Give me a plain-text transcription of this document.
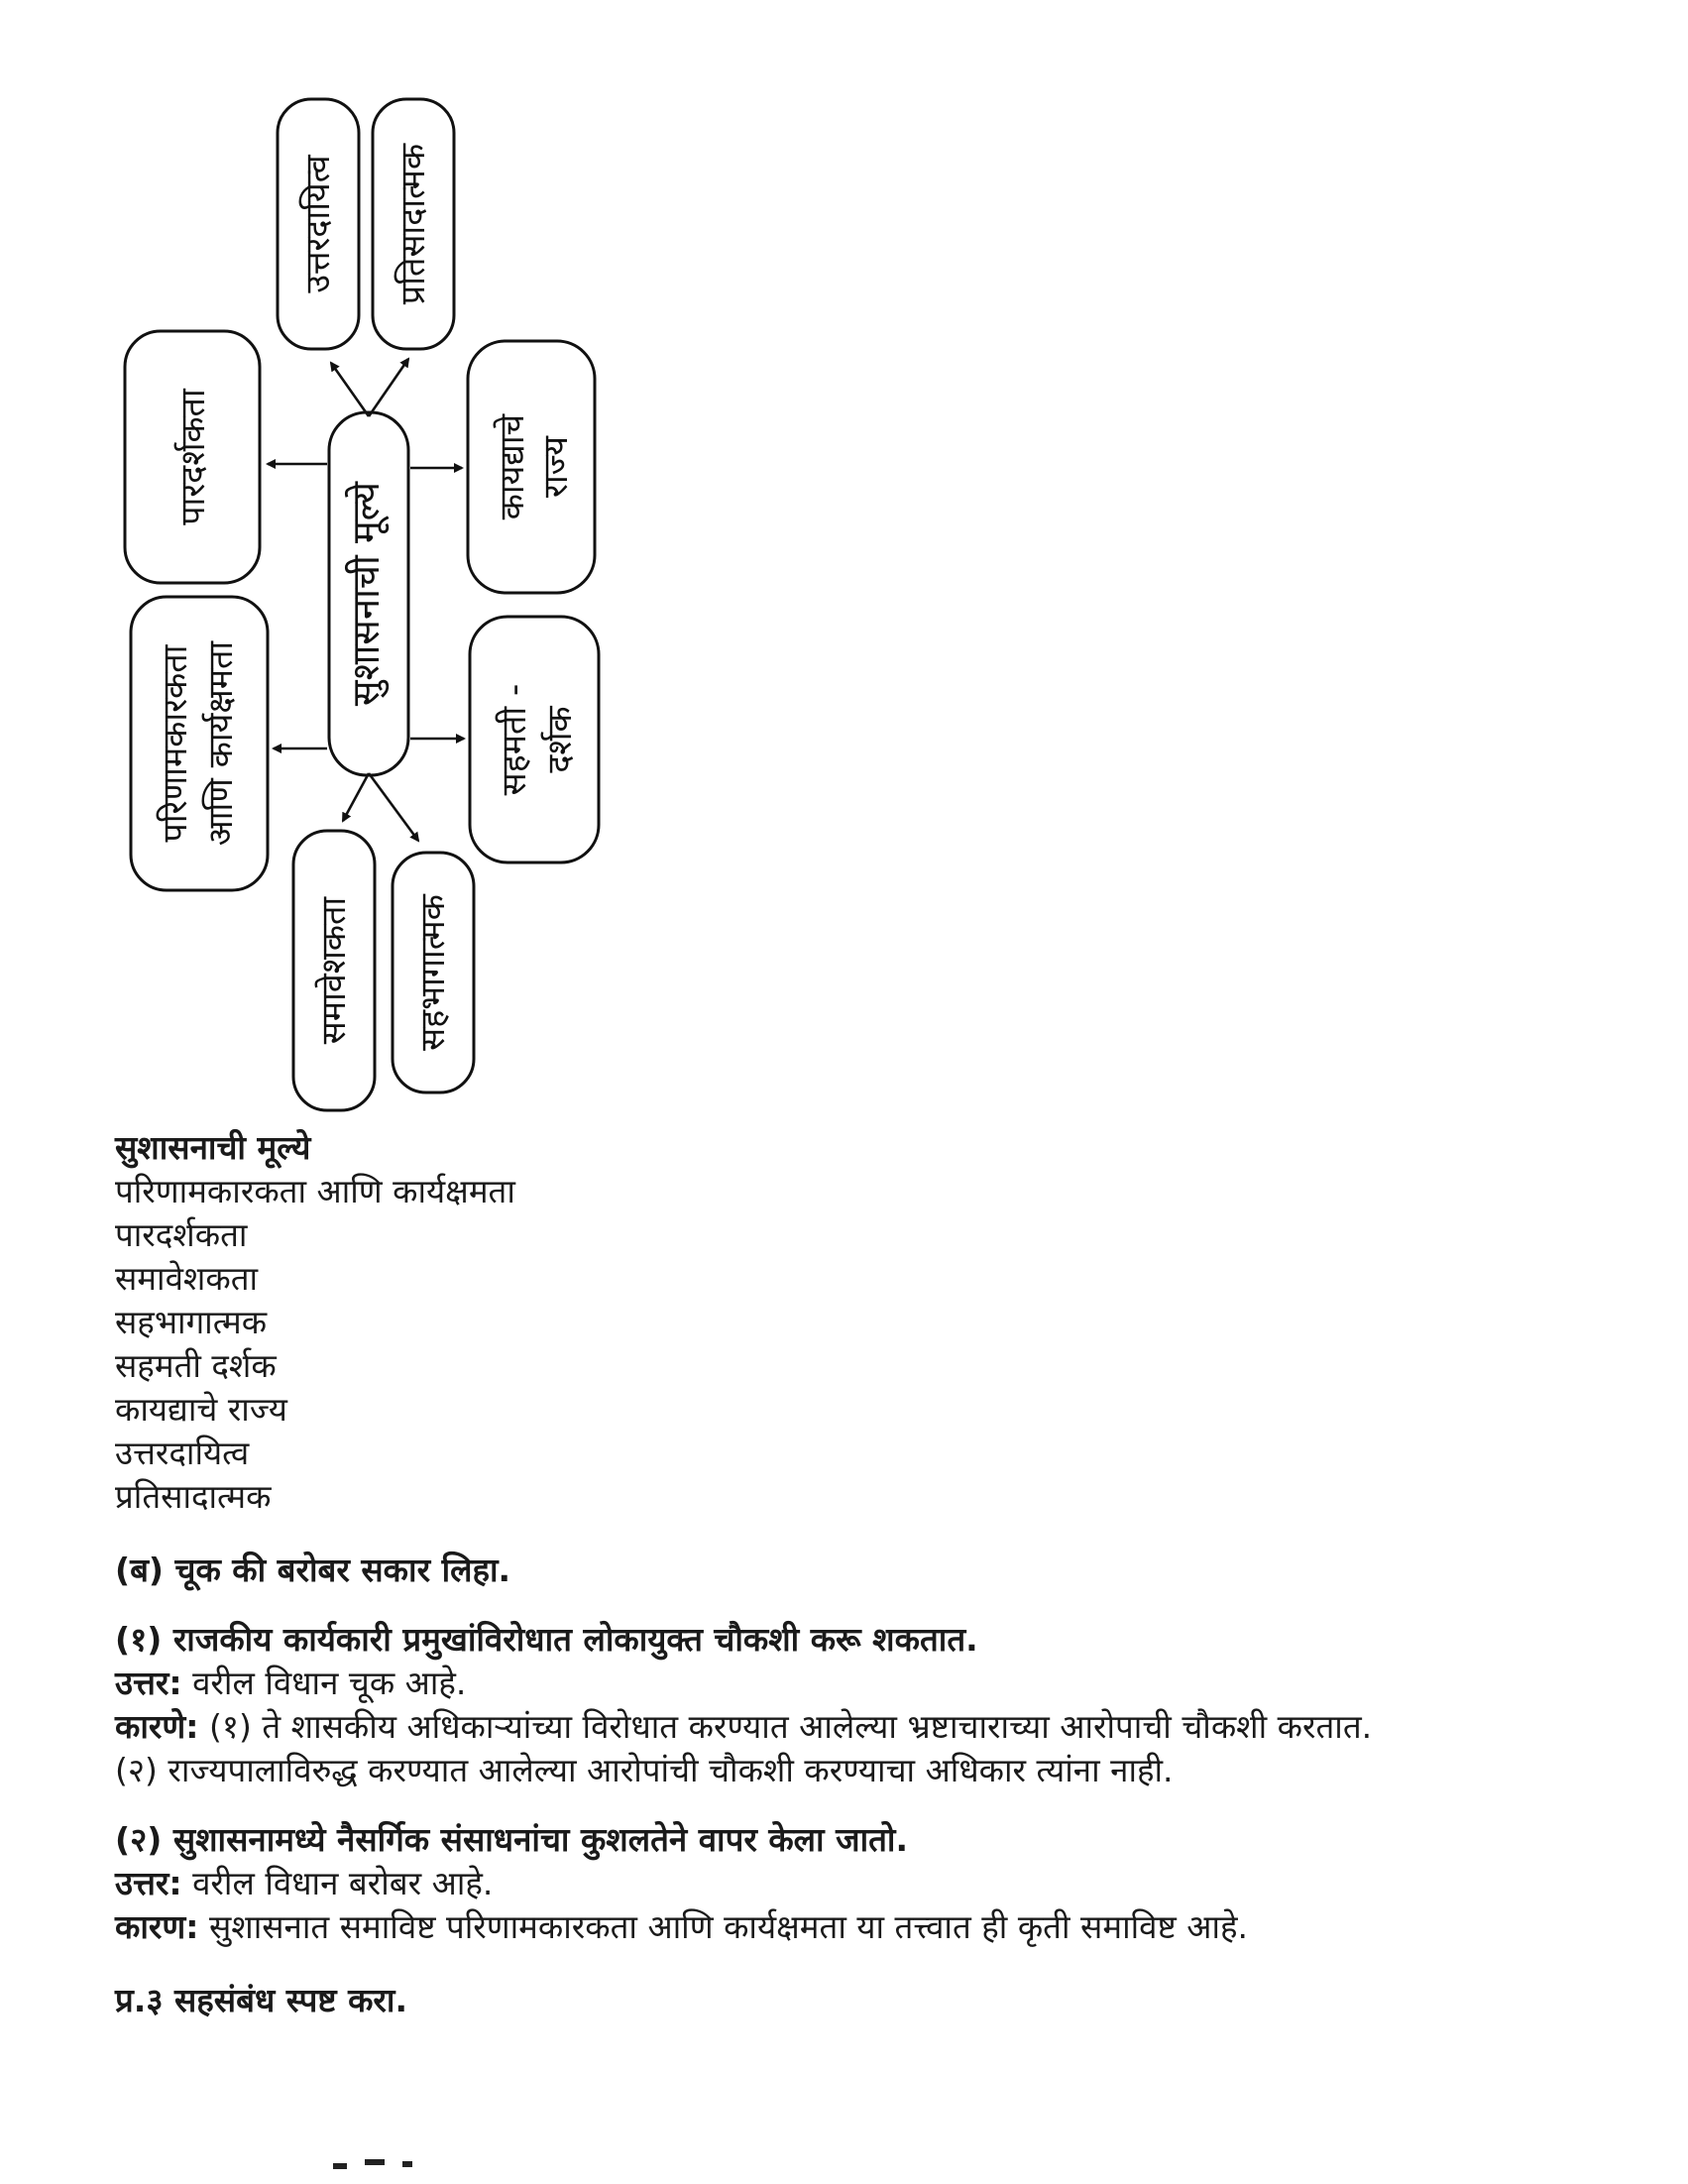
सुशासनाची मूल्ये
उत्तरदायित्व प्रतिसादात्मक
पारदर्शकता	कायद्याचे राज्य
परिणामकारकता आणि कार्यक्षमता	सहमती - दर्शक
समावेशकता सहभागात्मक
सुशासनाची मूल्ये
परिणामकारकता आणि कार्यक्षमता
पारदर्शकता
समावेशकता
सहभागात्मक
सहमती दर्शक
कायद्याचे राज्य
उत्तरदायित्व
प्रतिसादात्मक
(ब) चूक की बरोबर सकार लिहा.
(१) राजकीय कार्यकारी प्रमुखांविरोधात लोकायुक्त चौकशी करू शकतात.
उत्तर: वरील विधान चूक आहे.
कारणे: (१) ते शासकीय अधिकाऱ्यांच्या विरोधात करण्यात आलेल्या भ्रष्टाचाराच्या आरोपाची चौकशी करतात.
(२) राज्यपालाविरुद्ध करण्यात आलेल्या आरोपांची चौकशी करण्याचा अधिकार त्यांना नाही.
(२) सुशासनामध्ये नैसर्गिक संसाधनांचा कुशलतेने वापर केला जातो.
उत्तर: वरील विधान बरोबर आहे.
कारण: सुशासनात समाविष्ट परिणामकारकता आणि कार्यक्षमता या तत्त्वात ही कृती समाविष्ट आहे.
प्र.३ सहसंबंध स्पष्ट करा.
